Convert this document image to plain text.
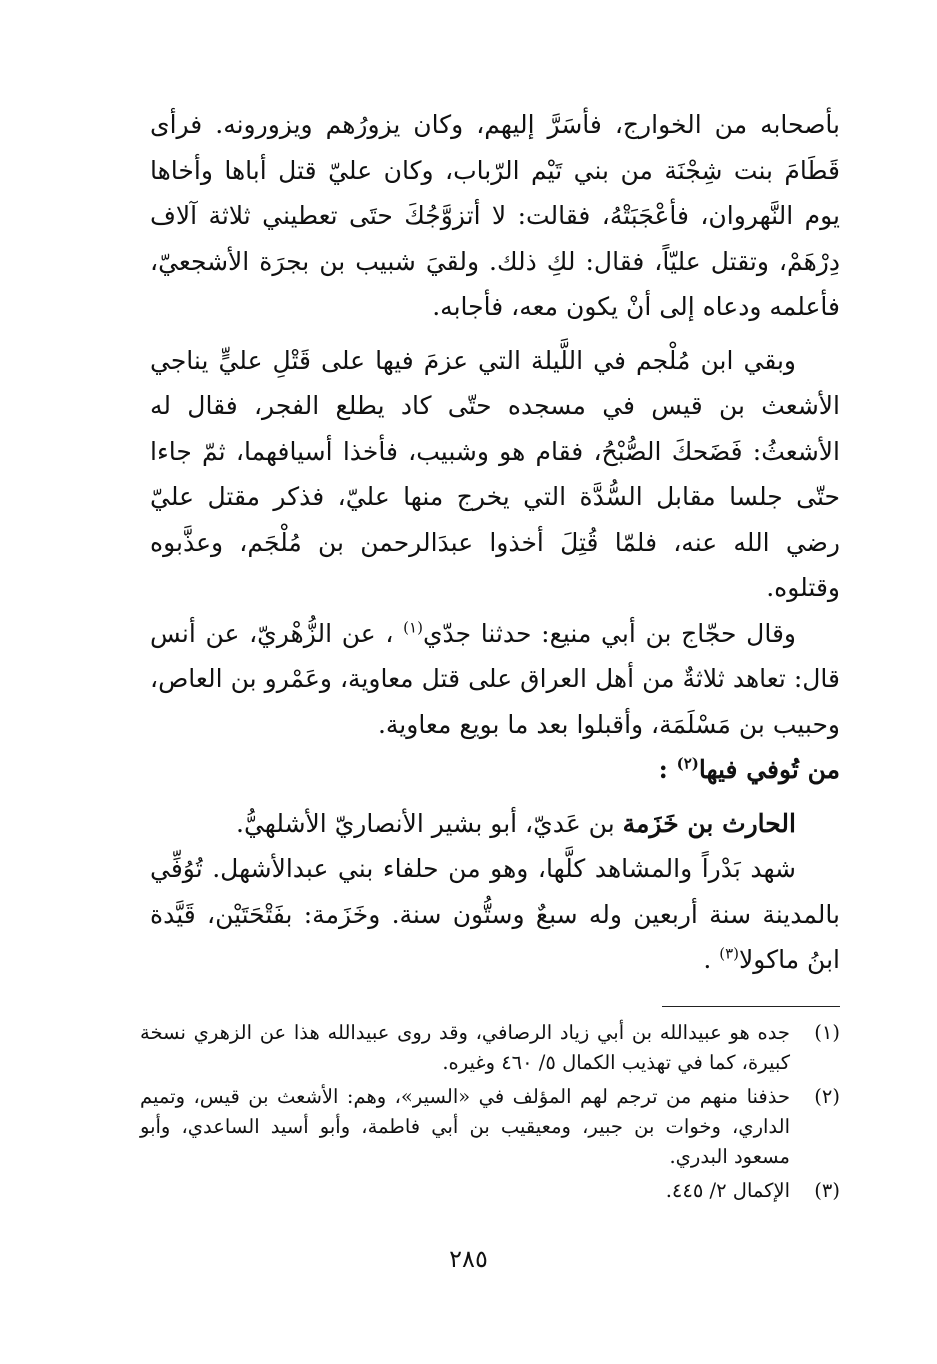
بأصحابه من الخوارج، فأسَرَّ إليهم، وكان يزورُهم ويزورونه. فرأى قَطَامَ بنت شِجْنَة من بني تَيْم الرّباب، وكان عليّ قتل أباها وأخاها يوم النَّهروان، فأعْجَبَتْهُ، فقالت: لا أتزوَّجُكَ حتَى تعطيني ثلاثة آلاف دِرْهَمْ، وتقتل عليّاً، فقال: لكِ ذلك. ولقيَ شبيب بن بجرَة الأشجعيّ، فأعلمه ودعاه إلى أنْ يكون معه، فأجابه.

وبقي ابن مُلْجم في اللَّيلة التي عزمَ فيها على قَتْلِ عليٍّ يناجي الأشعث بن قيس في مسجده حتّى كاد يطلع الفجر، فقال له الأشعثُ: فَضَحكَ الصُّبْحُ، فقام هو وشبيب، فأخذا أسيافهما، ثمّ جاءا حتّى جلسا مقابل السُّدَّة التي يخرج منها عليّ، فذكر مقتل عليّ رضي الله عنه، فلمّا قُتِلَ أخذوا عبدَالرحمن بن مُلْجَم، وعذَّبوه وقتلوه.

وقال حجّاج بن أبي منيع: حدثنا جدّي$^{(١)}$ ، عن الزُّهْريّ، عن أنس قال: تعاهد ثلاثةٌ من أهل العراق على قتل معاوية، وعَمْرو بن العاص، وحبيب بن مَسْلَمَة، وأقبلوا بعد ما بويع معاوية.

من تُوفي فيها$^{(٢)}$ :

الحارث بن خَزَمة بن عَديّ، أبو بشير الأنصاريّ الأشلهيُّ.

شهد بَدْراً والمشاهد كلَّها، وهو من حلفاء بني عبدالأشهل. تُوُفِّي بالمدينة سنة أربعين وله سبعٌ وستُّون سنة. وخَزَمة: بفَتْحَتَيْن، قَيَّدة ابنُ ماكولا$^{(٣)}$ .

(١)
جده هو عبيدالله بن أبي زياد الرصافي، وقد روى عبيدالله هذا عن الزهري نسخة كبيرة، كما في تهذيب الكمال ٥/ ٤٦٠ وغيره.
(٢)
حذفنا منهم من ترجم لهم المؤلف في «السير»، وهم: الأشعث بن قيس، وتميم الداري، وخوات بن جبير، ومعيقيب بن أبي فاطمة، وأبو أسيد الساعدي، وأبو مسعود البدري.
(٣)
الإكمال ٢/ ٤٤٥.
٢٨٥
